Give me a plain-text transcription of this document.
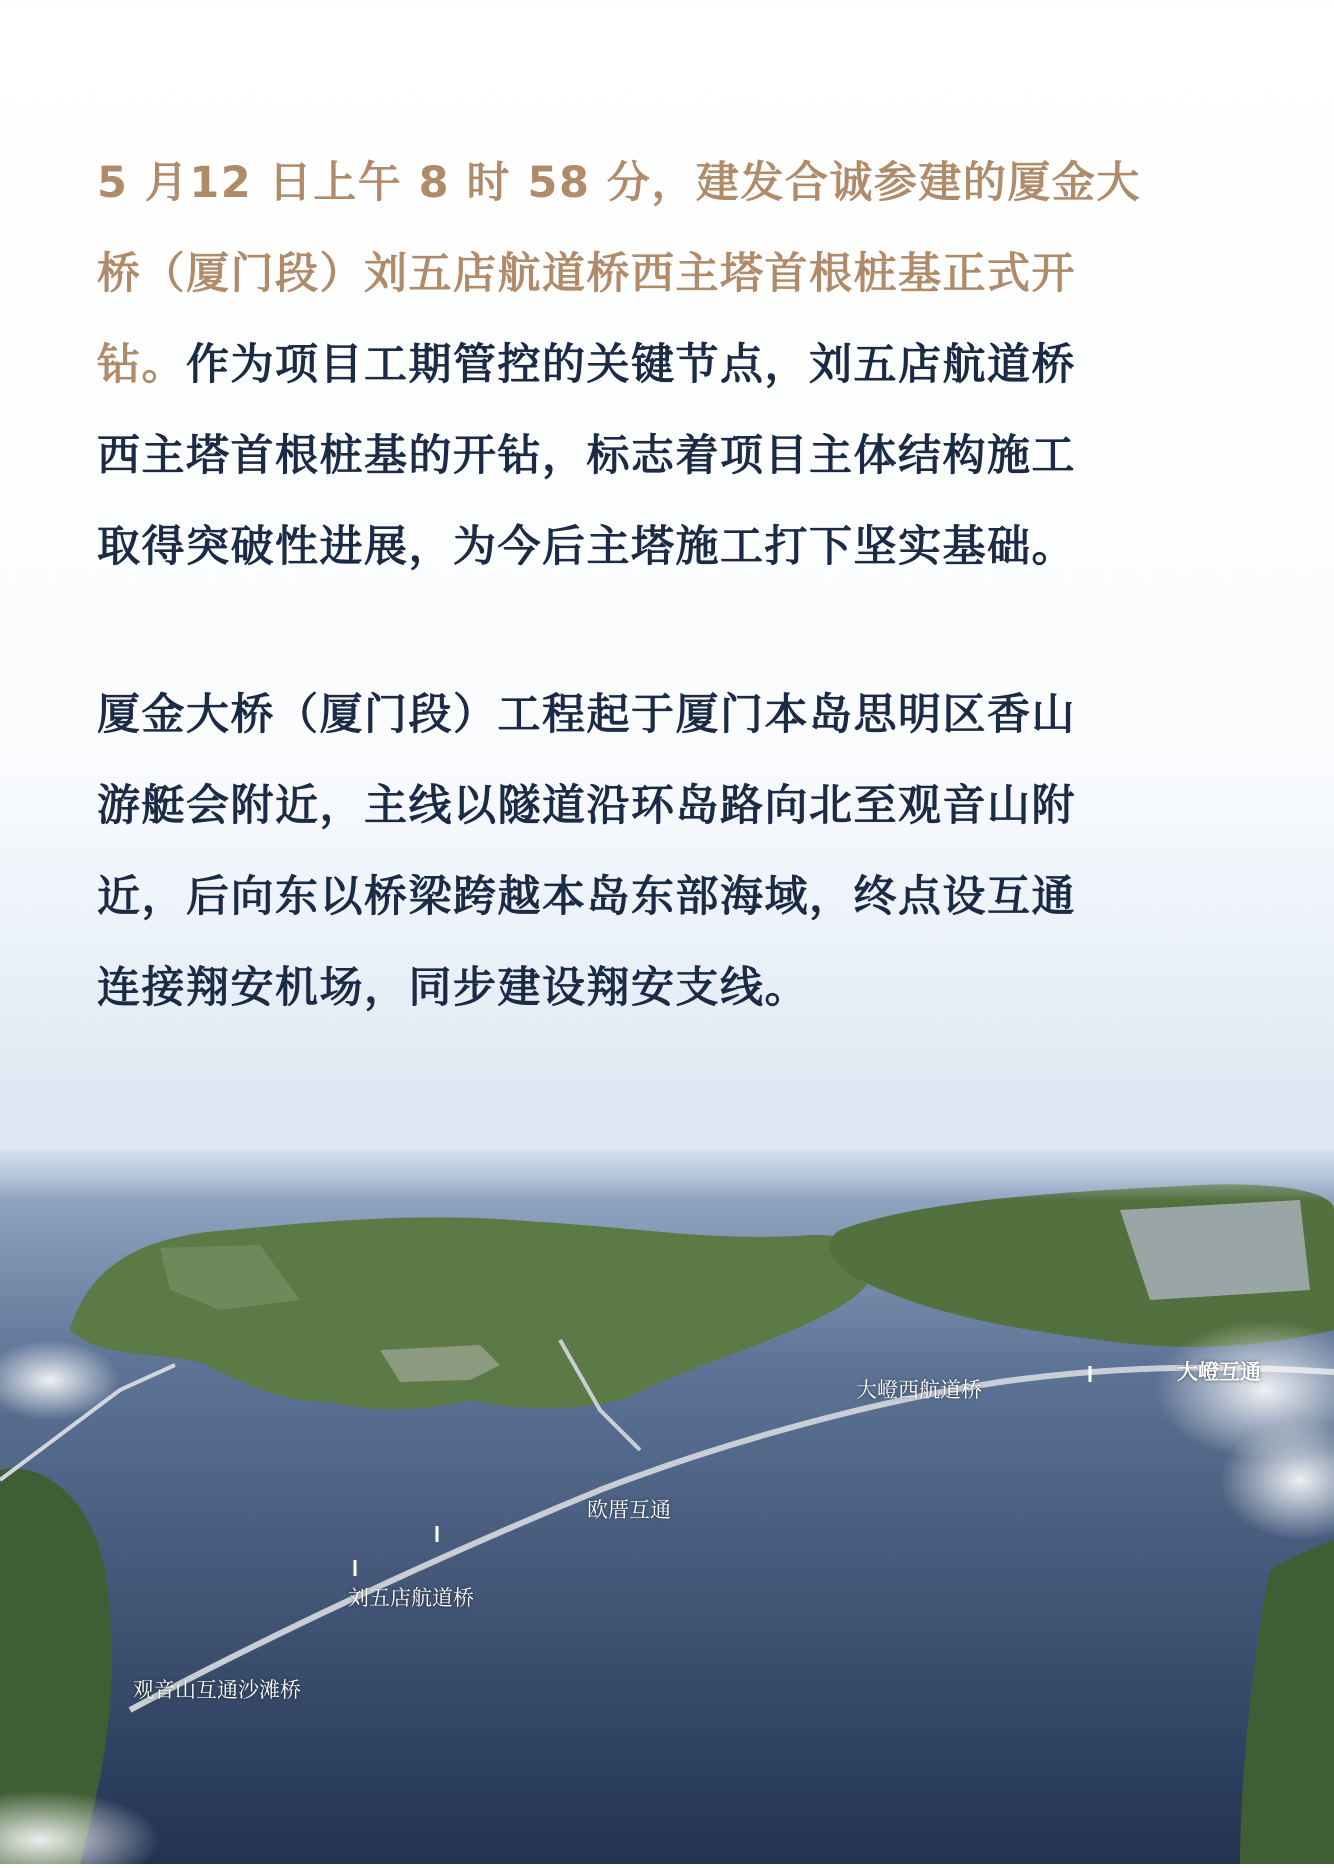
5 月12 日上午 8 时 58 分，建发合诚参建的厦金大
桥（厦门段）刘五店航道桥西主塔首根桩基正式开
钻。作为项目工期管控的关键节点，刘五店航道桥
西主塔首根桩基的开钻，标志着项目主体结构施工
取得突破性进展，为今后主塔施工打下坚实基础。
厦金大桥（厦门段）工程起于厦门本岛思明区香山
游艇会附近，主线以隧道沿环岛路向北至观音山附
近，后向东以桥梁跨越本岛东部海域，终点设互通
连接翔安机场，同步建设翔安支线。
大嶝西航道桥
大嶝互通
欧厝互通
刘五店航道桥
观音山互通沙滩桥
